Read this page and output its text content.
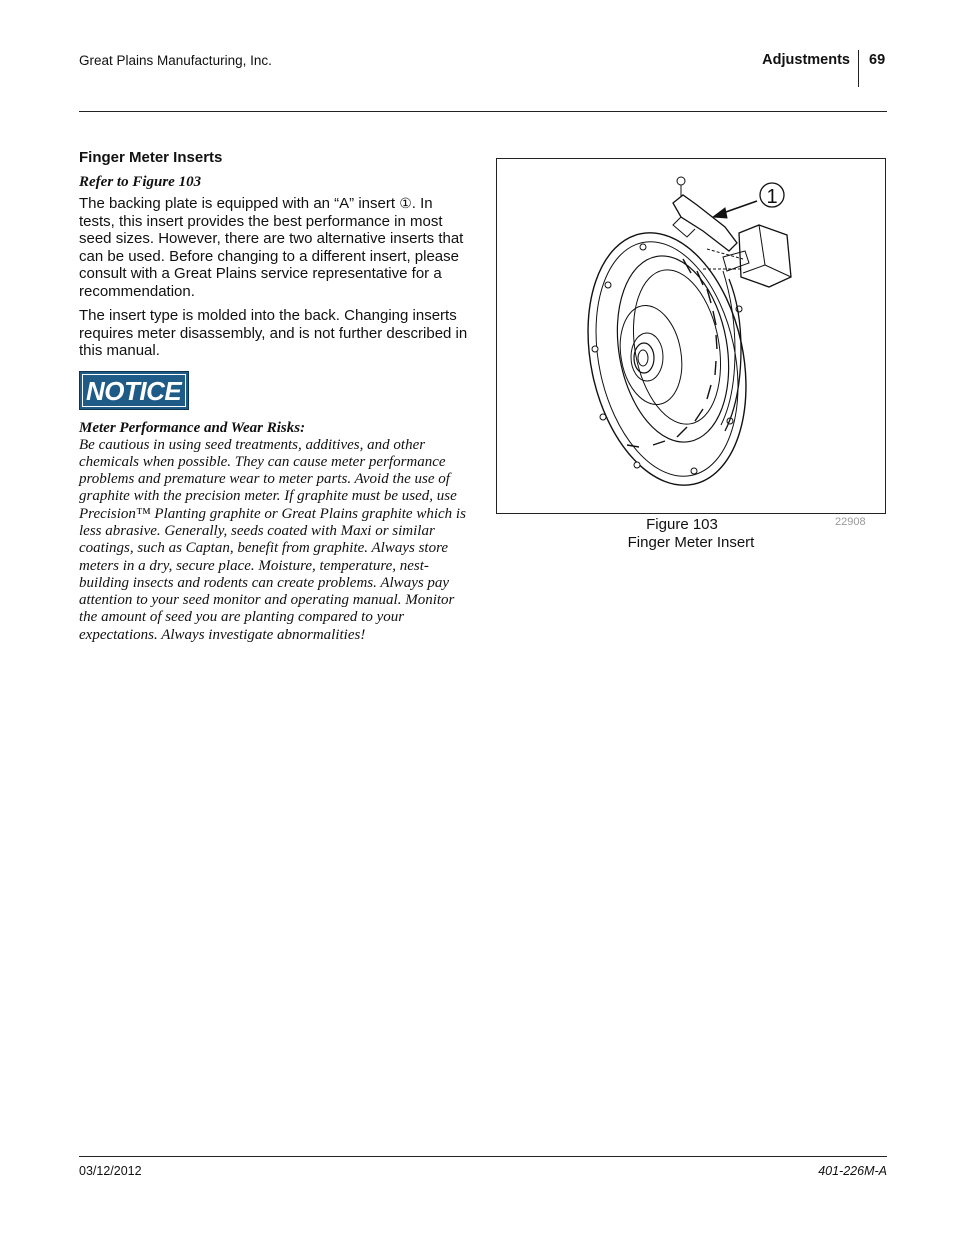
Great Plains Manufacturing, Inc.	Adjustments 69
Finger Meter Inserts

Refer to Figure 103

The backing plate is equipped with an “A” insert ①. In tests, this insert provides the best performance in most seed sizes. However, there are two alternative inserts that can be used. Before changing to a different insert, please consult with a Great Plains service representative for a recommendation.

The insert type is molded into the back. Changing inserts requires meter disassembly, and is not further described in this manual.

NOTICE

Meter Performance and Wear Risks:

Be cautious in using seed treatments, additives, and other chemicals when possible. They can cause meter performance problems and premature wear to meter parts. Avoid the use of graphite with the precision meter. If graphite must be used, use Precision™ Planting graphite or Great Plains graphite which is less abrasive. Generally, seeds coated with Maxi or similar coatings, such as Captan, benefit from graphite. Always store meters in a dry, secure place. Moisture, temperature, nest-building insects and rodents can create problems. Always pay attention to your seed monitor and operating manual. Monitor the amount of seed you are planting compared to your expectations. Always investigate abnormalities!

1
Figure 103
Finger Meter Insert
22908
03/12/2012	401-226M-A
